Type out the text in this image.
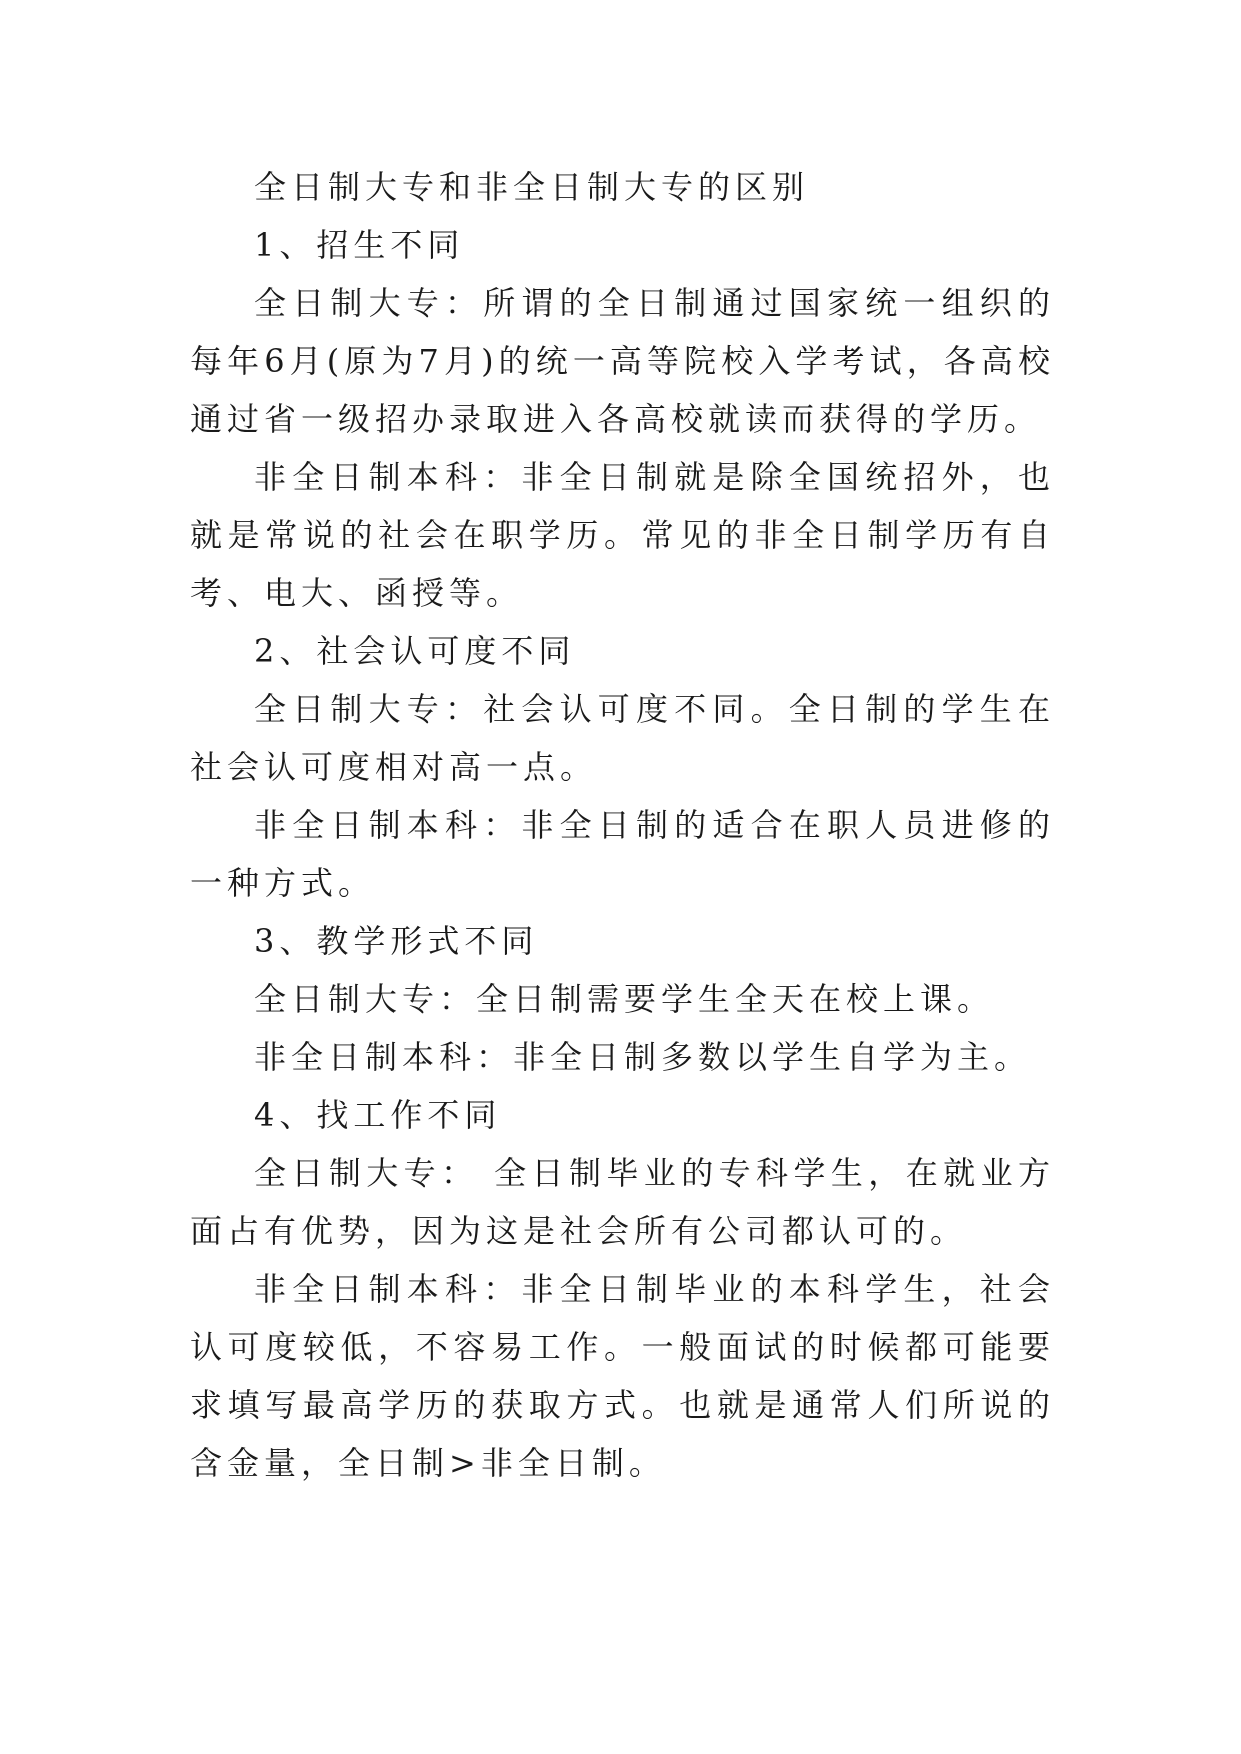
全日制大专和非全日制大专的区别

1、招生不同

全日制大专：所谓的全日制通过国家统一组织的每年6月(原为7月)的统一高等院校入学考试，各高校通过省一级招办录取进入各高校就读而获得的学历。

非全日制本科：非全日制就是除全国统招外，也就是常说的社会在职学历。常见的非全日制学历有自考、电大、函授等。

2、社会认可度不同

全日制大专：社会认可度不同。全日制的学生在社会认可度相对高一点。

非全日制本科：非全日制的适合在职人员进修的一种方式。

3、教学形式不同

全日制大专：全日制需要学生全天在校上课。

非全日制本科：非全日制多数以学生自学为主。

4、找工作不同

全日制大专： 全日制毕业的专科学生，在就业方面占有优势，因为这是社会所有公司都认可的。

非全日制本科：非全日制毕业的本科学生，社会认可度较低，不容易工作。一般面试的时候都可能要求填写最高学历的获取方式。也就是通常人们所说的含金量，全日制>非全日制。
